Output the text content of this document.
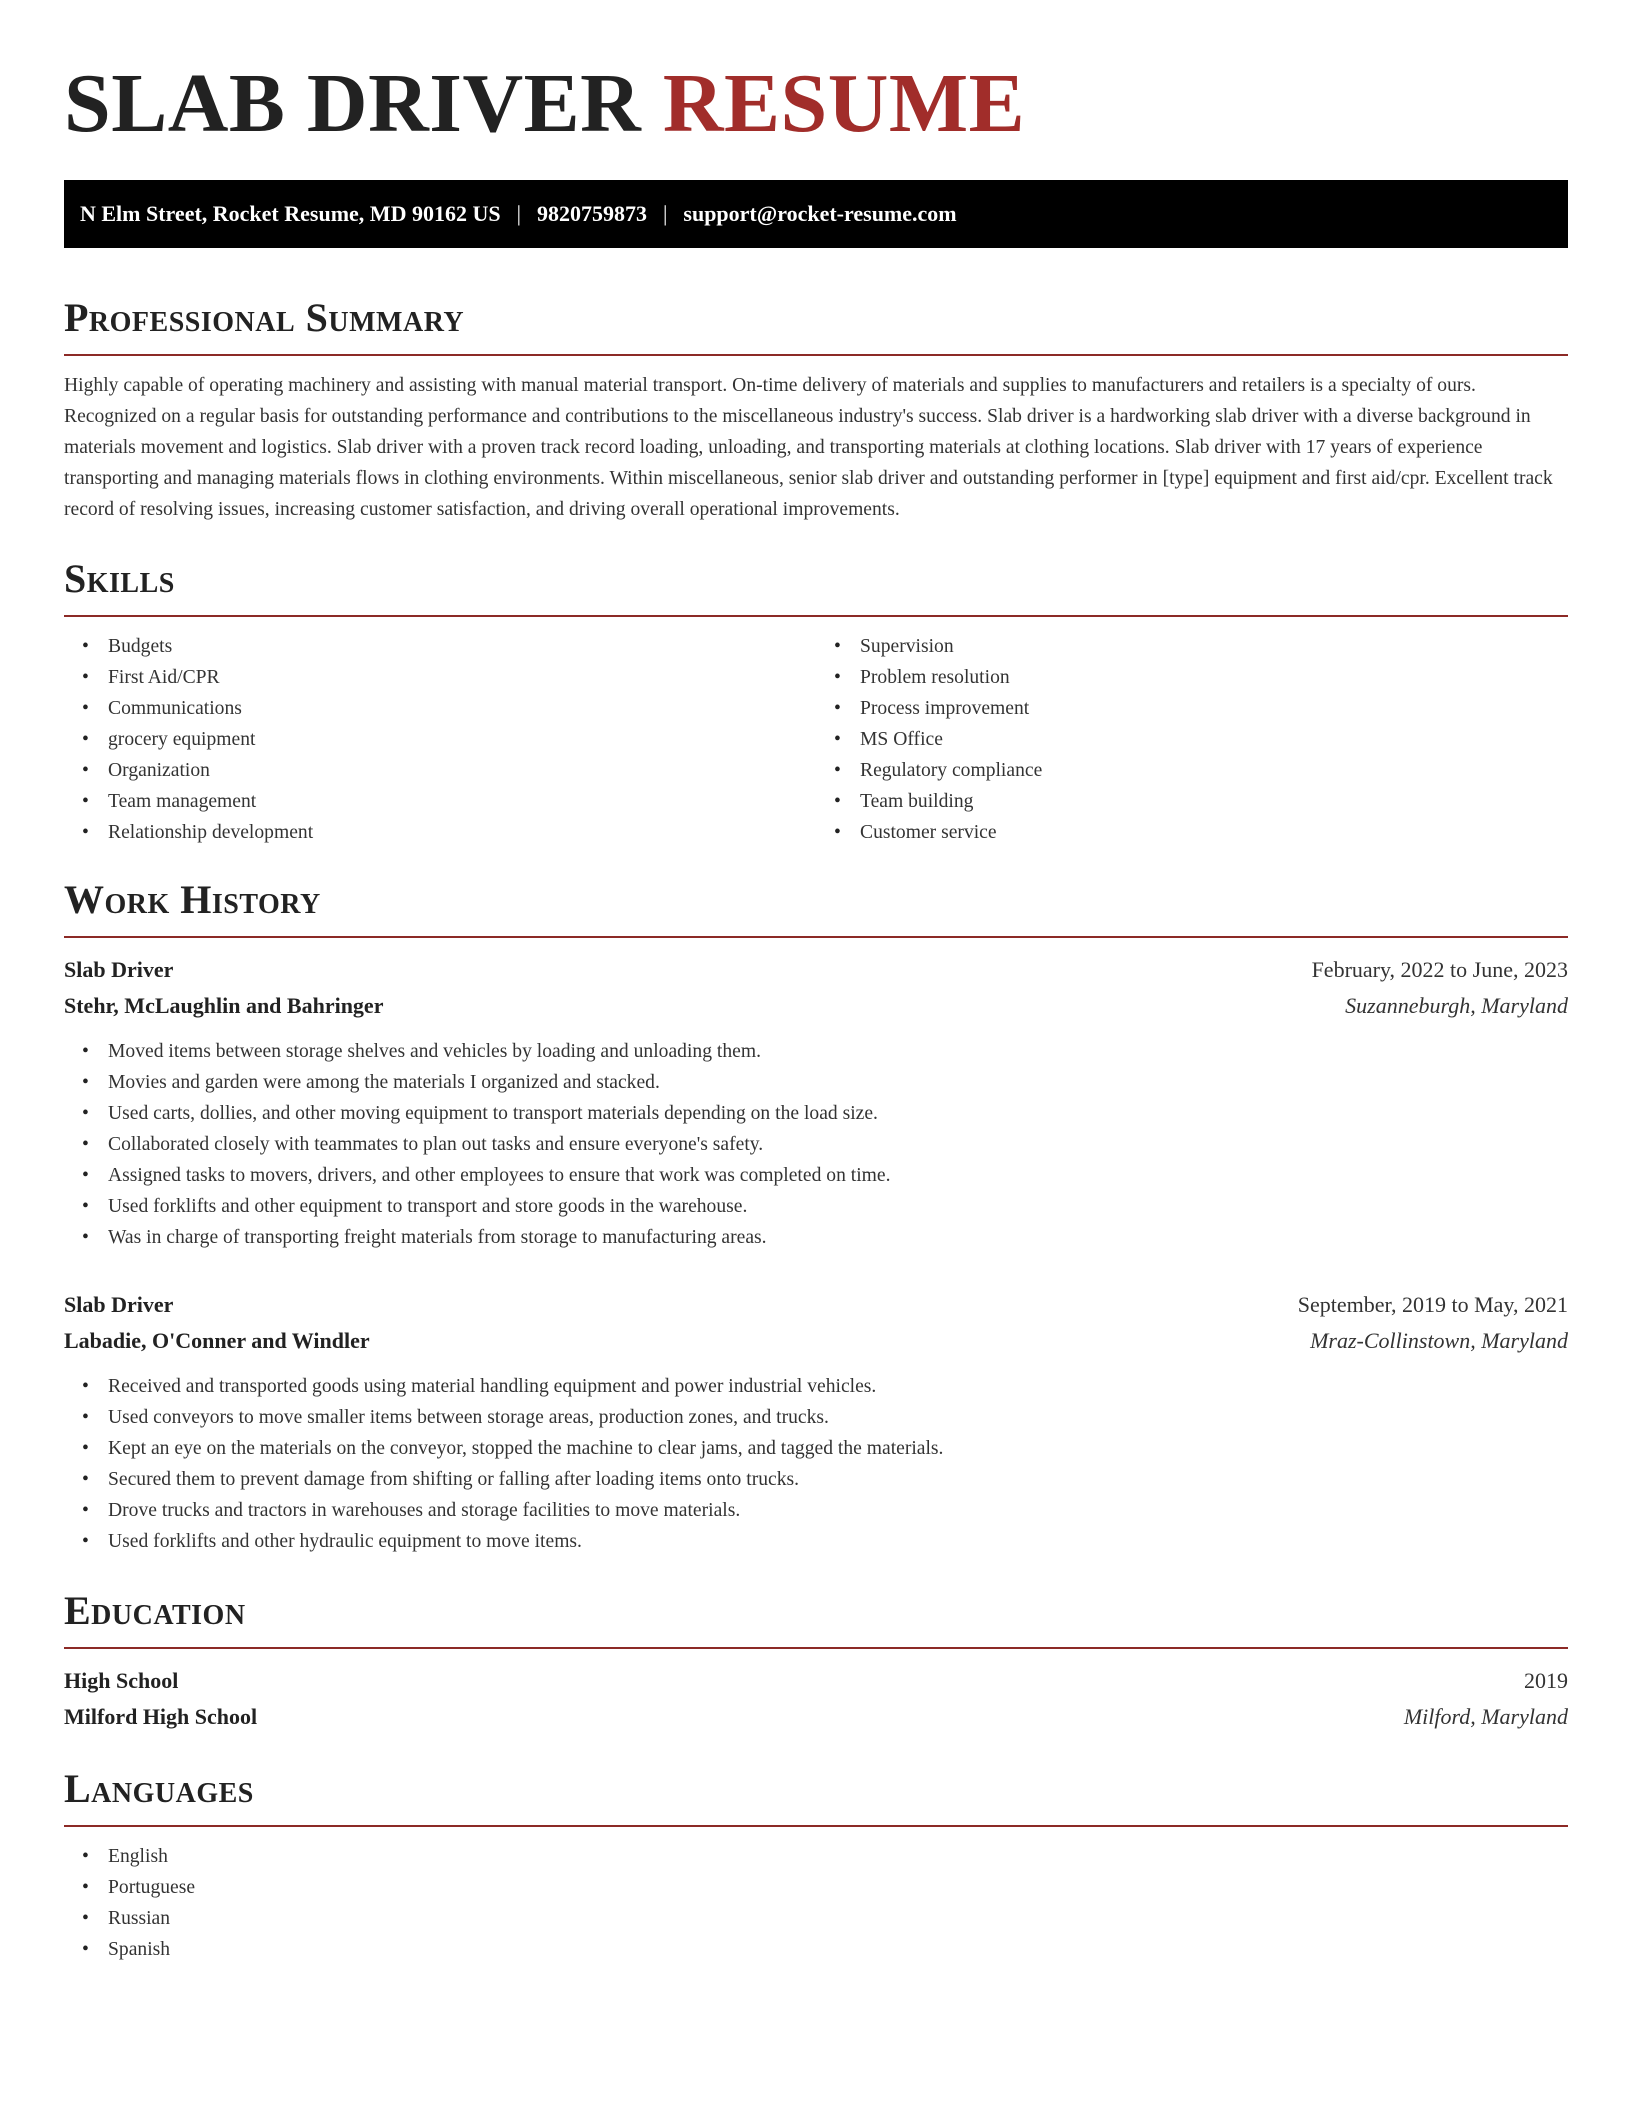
SLAB DRIVER RESUME
N Elm Street, Rocket Resume, MD 90162 US | 9820759873 | support@rocket-resume.com
Professional Summary

Highly capable of operating machinery and assisting with manual material transport. On-time delivery of materials and supplies to manufacturers and retailers is a specialty of ours. Recognized on a regular basis for outstanding performance and contributions to the miscellaneous industry's success. Slab driver is a hardworking slab driver with a diverse background in materials movement and logistics. Slab driver with a proven track record loading, unloading, and transporting materials at clothing locations. Slab driver with 17 years of experience transporting and managing materials flows in clothing environments. Within miscellaneous, senior slab driver and outstanding performer in [type] equipment and first aid/cpr. Excellent track record of resolving issues, increasing customer satisfaction, and driving overall operational improvements.

Skills
• Budgets
• First Aid/CPR
• Communications
• grocery equipment
• Organization
• Team management
• Relationship development
• Supervision
• Problem resolution
• Process improvement
• MS Office
• Regulatory compliance
• Team building
• Customer service
Work History
Slab Driver	February, 2022 to June, 2023
Stehr, McLaughlin and Bahringer	Suzanneburgh, Maryland
• Moved items between storage shelves and vehicles by loading and unloading them.
• Movies and garden were among the materials I organized and stacked.
• Used carts, dollies, and other moving equipment to transport materials depending on the load size.
• Collaborated closely with teammates to plan out tasks and ensure everyone's safety.
• Assigned tasks to movers, drivers, and other employees to ensure that work was completed on time.
• Used forklifts and other equipment to transport and store goods in the warehouse.
• Was in charge of transporting freight materials from storage to manufacturing areas.
Slab Driver	September, 2019 to May, 2021
Labadie, O'Conner and Windler	Mraz-Collinstown, Maryland
• Received and transported goods using material handling equipment and power industrial vehicles.
• Used conveyors to move smaller items between storage areas, production zones, and trucks.
• Kept an eye on the materials on the conveyor, stopped the machine to clear jams, and tagged the materials.
• Secured them to prevent damage from shifting or falling after loading items onto trucks.
• Drove trucks and tractors in warehouses and storage facilities to move materials.
• Used forklifts and other hydraulic equipment to move items.
Education
High School	2019
Milford High School	Milford, Maryland
Languages
• English
• Portuguese
• Russian
• Spanish
